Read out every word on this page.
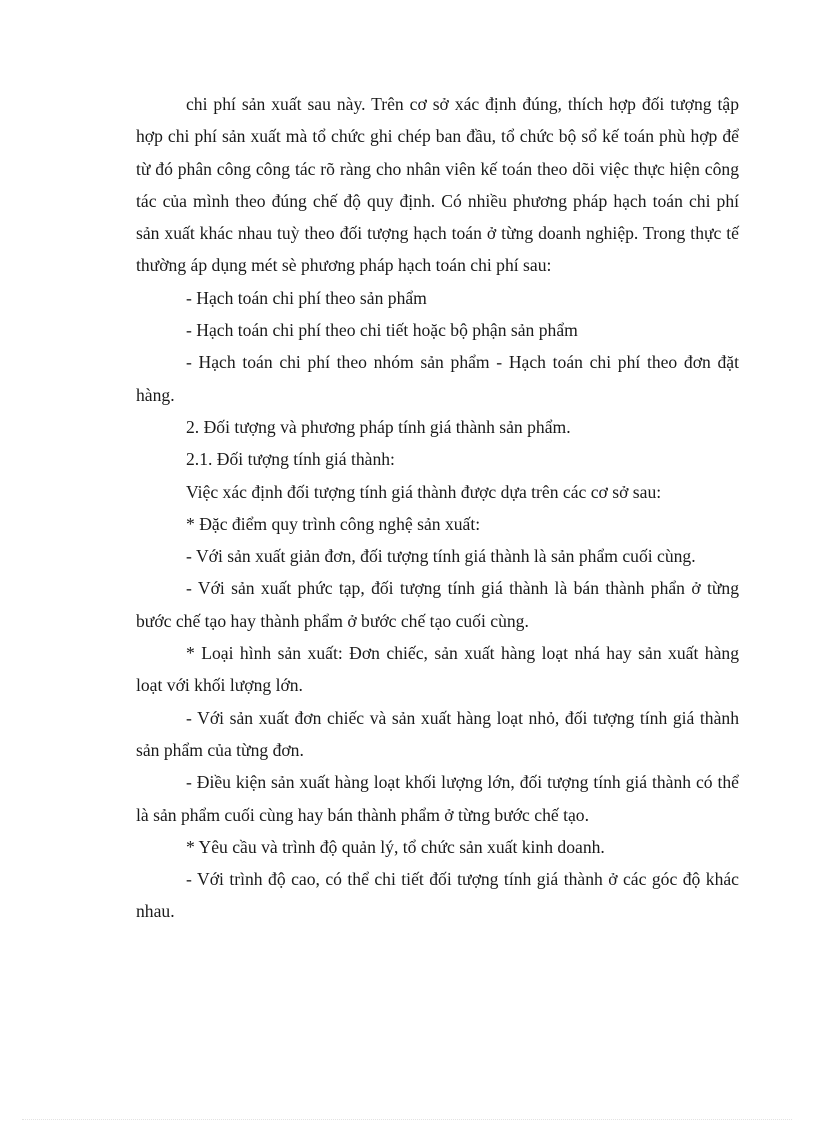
chi phí sản xuất sau này. Trên cơ sở xác định đúng, thích hợp đối tượng tập hợp chi phí sản xuất mà tổ chức ghi chép ban đầu, tổ chức bộ sổ kế toán phù hợp để từ đó phân công công tác rõ ràng cho nhân viên kế toán theo dõi việc thực hiện công tác của mình theo đúng chế độ quy định. Có nhiều phương pháp hạch toán chi phí sản xuất khác nhau tuỳ theo đối tượng hạch toán ở từng doanh nghiệp. Trong thực tế thường áp dụng mét sè phương pháp hạch toán chi phí sau:

- Hạch toán chi phí theo sản phẩm

- Hạch toán chi phí theo chi tiết hoặc bộ phận sản phẩm

- Hạch toán chi phí theo nhóm sản phẩm - Hạch toán chi phí theo đơn đặt hàng.

2. Đối tượng và phương pháp tính giá thành sản phẩm.

2.1. Đối tượng tính giá thành:

Việc xác định đối tượng tính giá thành được dựa trên các cơ sở sau:

* Đặc điểm quy trình công nghệ sản xuất:

- Với sản xuất giản đơn, đối tượng tính giá thành là sản phẩm cuối cùng.

- Với sản xuất phức tạp, đối tượng tính giá thành là bán thành phẩn ở từng bước chế tạo hay thành phẩm ở bước chế tạo cuối cùng.

* Loại hình sản xuất: Đơn chiếc, sản xuất hàng loạt nhá hay sản xuất hàng loạt với khối lượng lớn.

- Với sản xuất đơn chiếc và sản xuất hàng loạt nhỏ, đối tượng tính giá thành sản phẩm của từng đơn.

- Điều kiện sản xuất hàng loạt khối lượng lớn, đối tượng tính giá thành có thể là sản phẩm cuối cùng hay bán thành phẩm ở từng bước chế tạo.

* Yêu cầu và trình độ quản lý, tổ chức sản xuất kinh doanh.

- Với trình độ cao, có thể chi tiết đối tượng tính giá thành ở các góc độ khác nhau.
